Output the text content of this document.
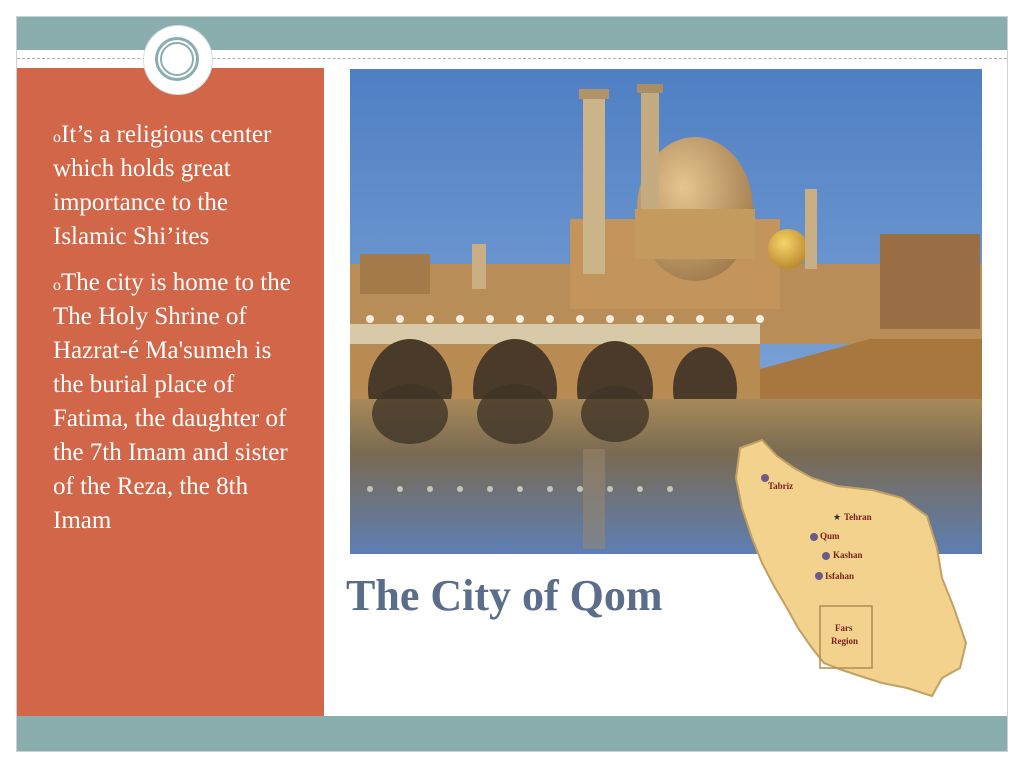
oIt’s a religious center which holds great importance to the Islamic Shi’ites
oThe city is home to the The Holy Shrine of Hazrat-é Ma'sumeh is the burial place of Fatima, the daughter of the 7th Imam and sister of the Reza, the 8th Imam
The City of Qom
Tabriz
★ Tehran
Qum
Kashan
Isfahan
Fars
Region
